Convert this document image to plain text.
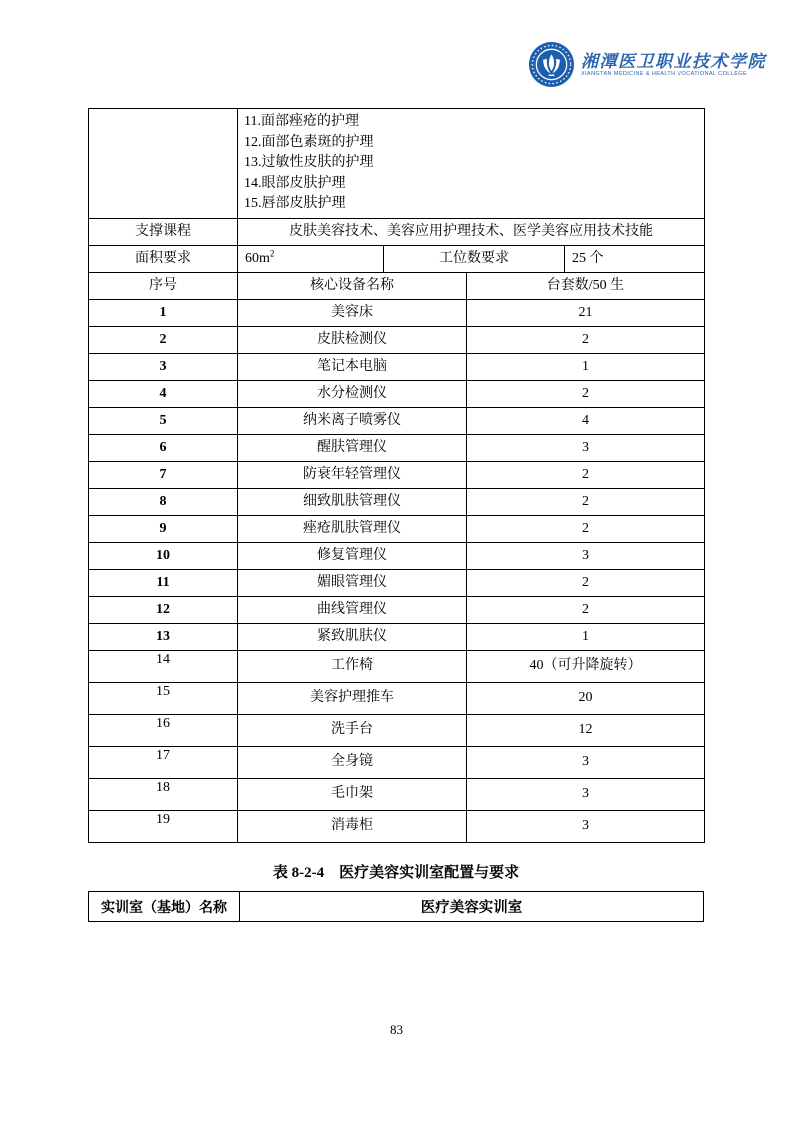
湘潭医卫职业技术学院
XIANGTAN MEDICINE & HEALTH VOCATIONAL COLLEGE

	11.面部痤疮的护理
12.面部色素斑的护理
13.过敏性皮肤的护理
14.眼部皮肤护理
15.唇部皮肤护理			

支撑课程	皮肤美容技术、美容应用护理技术、医学美容应用技术技能			
面积要求	$60m^2$	工位数要求		25 个
序号	核心设备名称		台套数/50 生	
1	美容床		21	
2	皮肤检测仪		2	
3	笔记本电脑		1	
4	水分检测仪		2	
5	纳米离子喷雾仪		4	
6	醒肤管理仪		3	
7	防衰年轻管理仪		2	
8	细致肌肤管理仪		2	
9	痤疮肌肤管理仪		2	
10	修复管理仪		3	
11	媚眼管理仪		2	
12	曲线管理仪		2	
13	紧致肌肤仪		1	
14	工作椅		40（可升降旋转）	
15	美容护理推车		20	
16	洗手台		12	
17	全身镜		3	
18	毛巾架		3	
19	消毒柜		3	
表 8-2-4 医疗美容实训室配置与要求
实训室（基地）名称	医疗美容实训室
83
